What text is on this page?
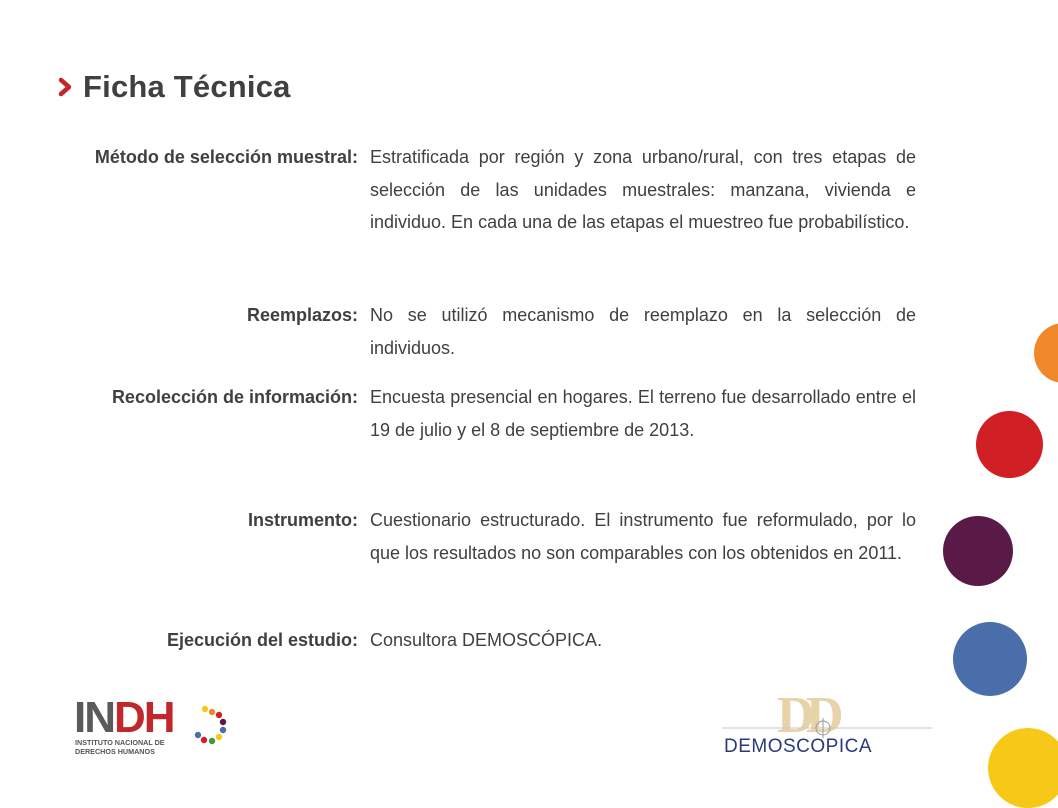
Ficha Técnica
Método de selección muestral: Estratificada por región y zona urbano/rural, con tres etapas de selección de las unidades muestrales: manzana, vivienda e individuo. En cada una de las etapas el muestreo fue probabilístico.
Reemplazos: No se utilizó mecanismo de reemplazo en la selección de individuos.
Recolección de información: Encuesta presencial en hogares. El terreno fue desarrollado entre el 19 de julio y el 8 de septiembre de 2013.
Instrumento: Cuestionario estructurado. El instrumento fue reformulado, por lo que los resultados no son comparables con los obtenidos en 2011.
Ejecución del estudio: Consultora DEMOSCÓPICA.
IN DH
INSTITUTO NACIONAL DE
DERECHOS HUMANOS
D
D
DEMOSCOPICA
